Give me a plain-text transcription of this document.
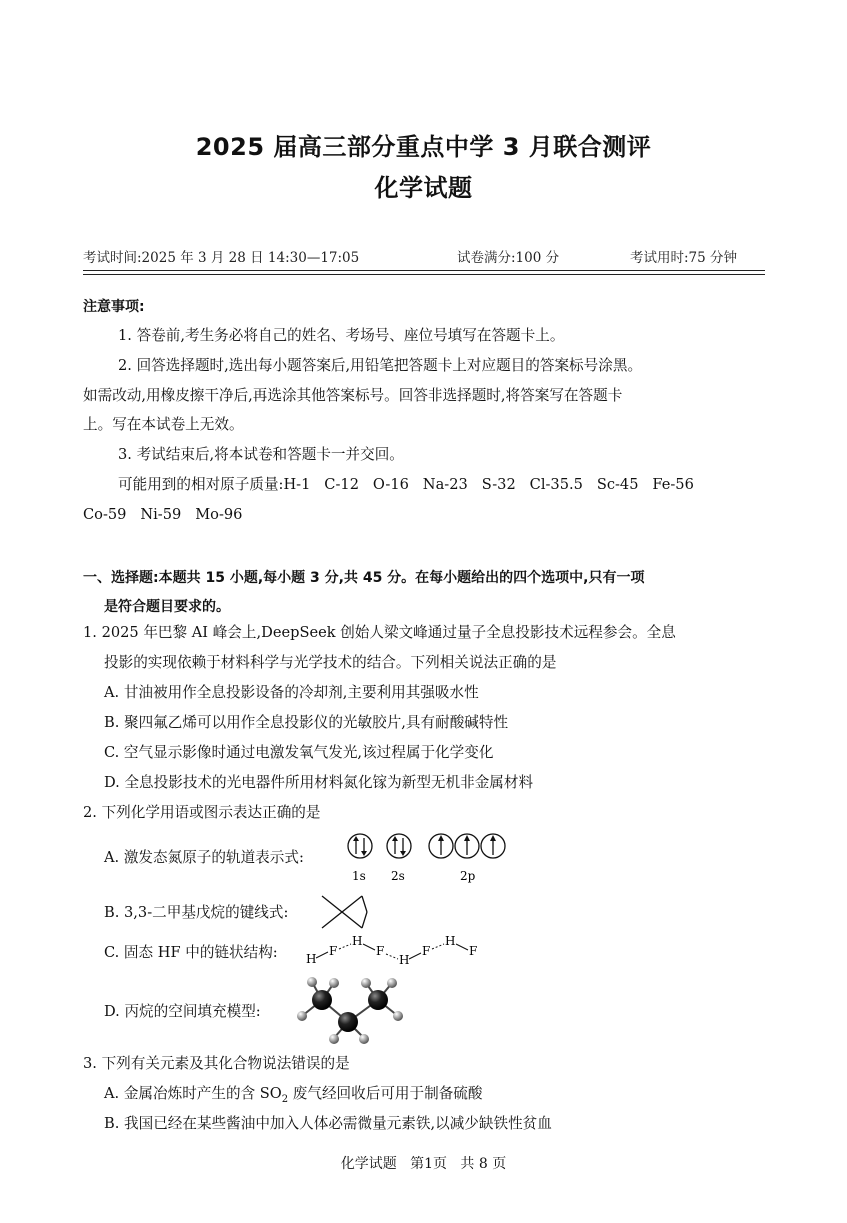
2025 届高三部分重点中学 3 月联合测评
化学试题
考试时间:2025 年 3 月 28 日 14:30—17:05	试卷满分:100 分	考试用时:75 分钟
注意事项:
1. 答卷前,考生务必将自己的姓名、考场号、座位号填写在答题卡上。
2. 回答选择题时,选出每小题答案后,用铅笔把答题卡上对应题目的答案标号涂黑。
如需改动,用橡皮擦干净后,再选涂其他答案标号。回答非选择题时,将答案写在答题卡
上。写在本试卷上无效。
3. 考试结束后,将本试卷和答题卡一并交回。
可能用到的相对原子质量:H-1   C-12   O-16   Na-23   S-32   Cl-35.5   Sc-45   Fe-56
Co-59   Ni-59   Mo-96
一、选择题:本题共 15 小题,每小题 3 分,共 45 分。在每小题给出的四个选项中,只有一项
是符合题目要求的。
1. 2025 年巴黎 AI 峰会上,DeepSeek 创始人梁文峰通过量子全息投影技术远程参会。全息
投影的实现依赖于材料科学与光学技术的结合。下列相关说法正确的是
A. 甘油被用作全息投影设备的冷却剂,主要利用其强吸水性
B. 聚四氟乙烯可以用作全息投影仪的光敏胶片,具有耐酸碱特性
C. 空气显示影像时通过电激发氧气发光,该过程属于化学变化
D. 全息投影技术的光电器件所用材料氮化镓为新型无机非金属材料
2. 下列化学用语或图示表达正确的是
A. 激发态氮原子的轨道表示式:
1s 2s	2p
B. 3,3-二甲基戊烷的键线式:
C. 固态 HF 中的链状结构: H
F
H
F
H
F
H
F
D. 丙烷的空间填充模型:
3. 下列有关元素及其化合物说法错误的是
A. 金属冶炼时产生的含 $SO_2$ 废气经回收后可用于制备硫酸
B. 我国已经在某些酱油中加入人体必需微量元素铁,以减少缺铁性贫血
化学试题   第1页   共 8 页
